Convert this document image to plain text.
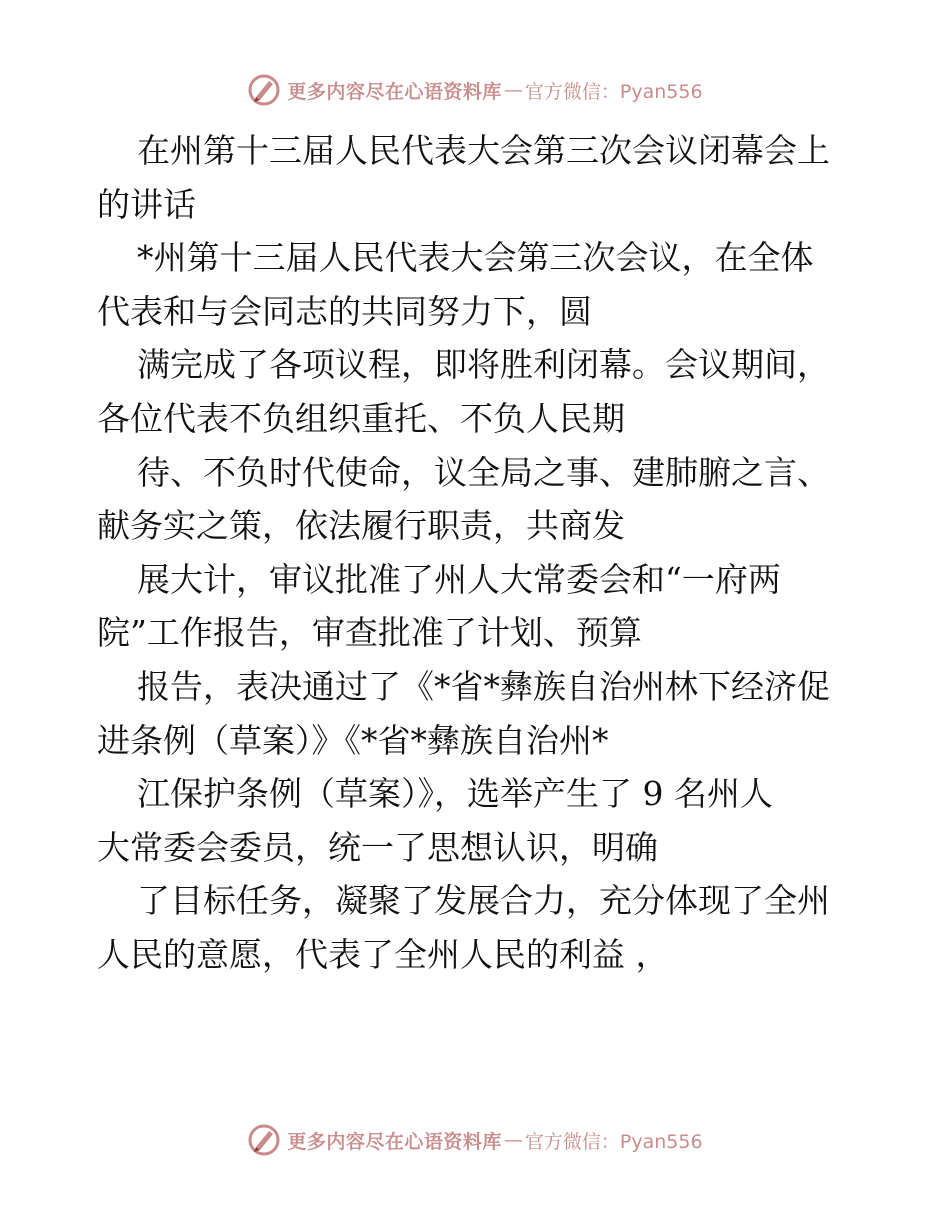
更多内容尽在心语资料库 — 官方微信：Pyan556

在州第十三届人民代表大会第三次会议闭幕会上
的讲话

*州第十三届人民代表大会第三次会议，在全体
代表和与会同志的共同努力下，圆

满完成了各项议程，即将胜利闭幕。会议期间，
各位代表不负组织重托、不负人民期

待、不负时代使命，议全局之事、建肺腑之言、
献务实之策，依法履行职责，共商发

展大计，审议批准了州人大常委会和“一府两
院”工作报告，审查批准了计划、预算

报告，表决通过了《*省*彝族自治州林下经济促
进条例（草案）》《*省*彝族自治州*

江保护条例（草案）》，选举产生了 9 名州人
大常委会委员，统一了思想认识，明确

了目标任务，凝聚了发展合力，充分体现了全州
人民的意愿，代表了全州人民的利益 ，

更多内容尽在心语资料库 — 官方微信：Pyan556
